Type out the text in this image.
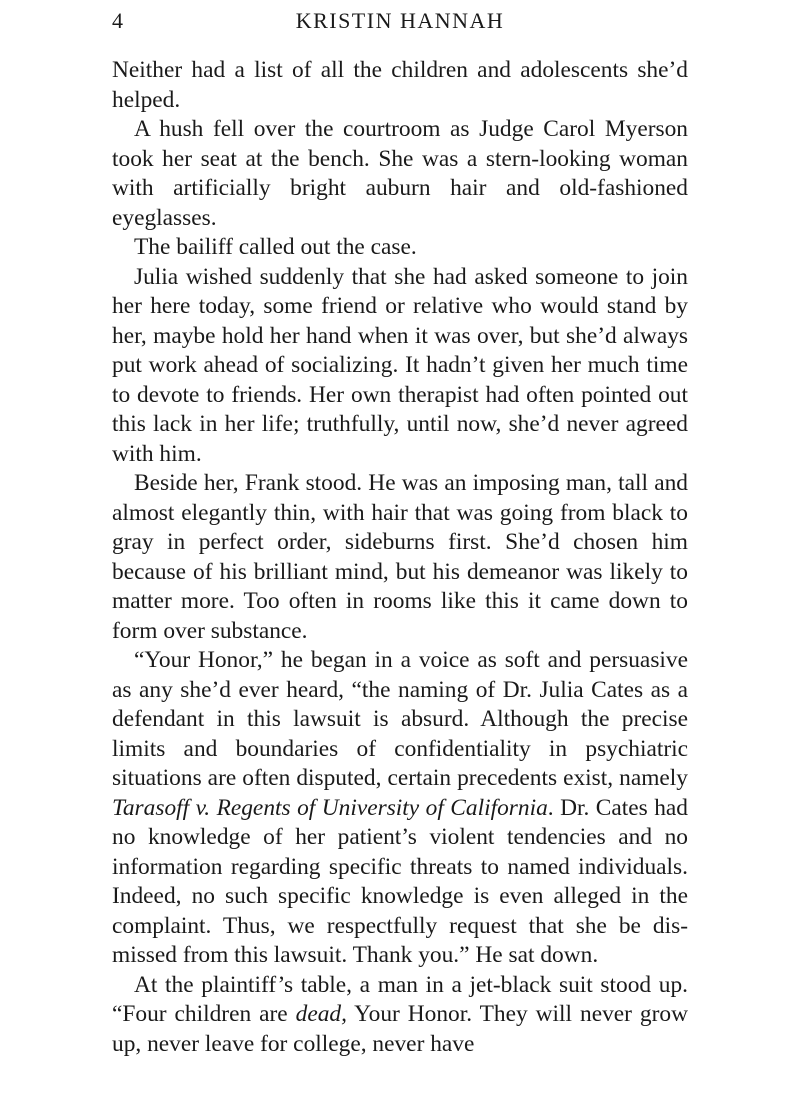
4	KRISTIN HANNAH

Neither had a list of all the children and adolescents she’d helped.

A hush fell over the courtroom as Judge Carol Myerson took her seat at the bench. She was a stern-looking woman with artificially bright auburn hair and old-fashioned eyeglasses.

The bailiff called out the case.

Julia wished suddenly that she had asked someone to join her here today, some friend or relative who would stand by her, maybe hold her hand when it was over, but she’d always put work ahead of socializing. It hadn’t given her much time to devote to friends. Her own therapist had often pointed out this lack in her life; truthfully, until now, she’d never agreed with him.

Beside her, Frank stood. He was an imposing man, tall and almost elegantly thin, with hair that was going from black to gray in perfect order, sideburns first. She’d chosen him because of his brilliant mind, but his demeanor was likely to matter more. Too often in rooms like this it came down to form over substance.

“Your Honor,” he began in a voice as soft and persuasive as any she’d ever heard, “the naming of Dr. Julia Cates as a defendant in this lawsuit is absurd. Although the precise limits and boundaries of confidentiality in psychiatric situations are often disputed, certain precedents exist, namely Tarasoff v. Regents of University of California. Dr. Cates had no knowledge of her patient’s violent tendencies and no information regarding specific threats to named individuals. Indeed, no such specific knowledge is even alleged in the complaint. Thus, we respectfully request that she be dismissed from this lawsuit. Thank you.” He sat down.

At the plaintiff’s table, a man in a jet-black suit stood up. “Four children are dead, Your Honor. They will never grow up, never leave for college, never have
